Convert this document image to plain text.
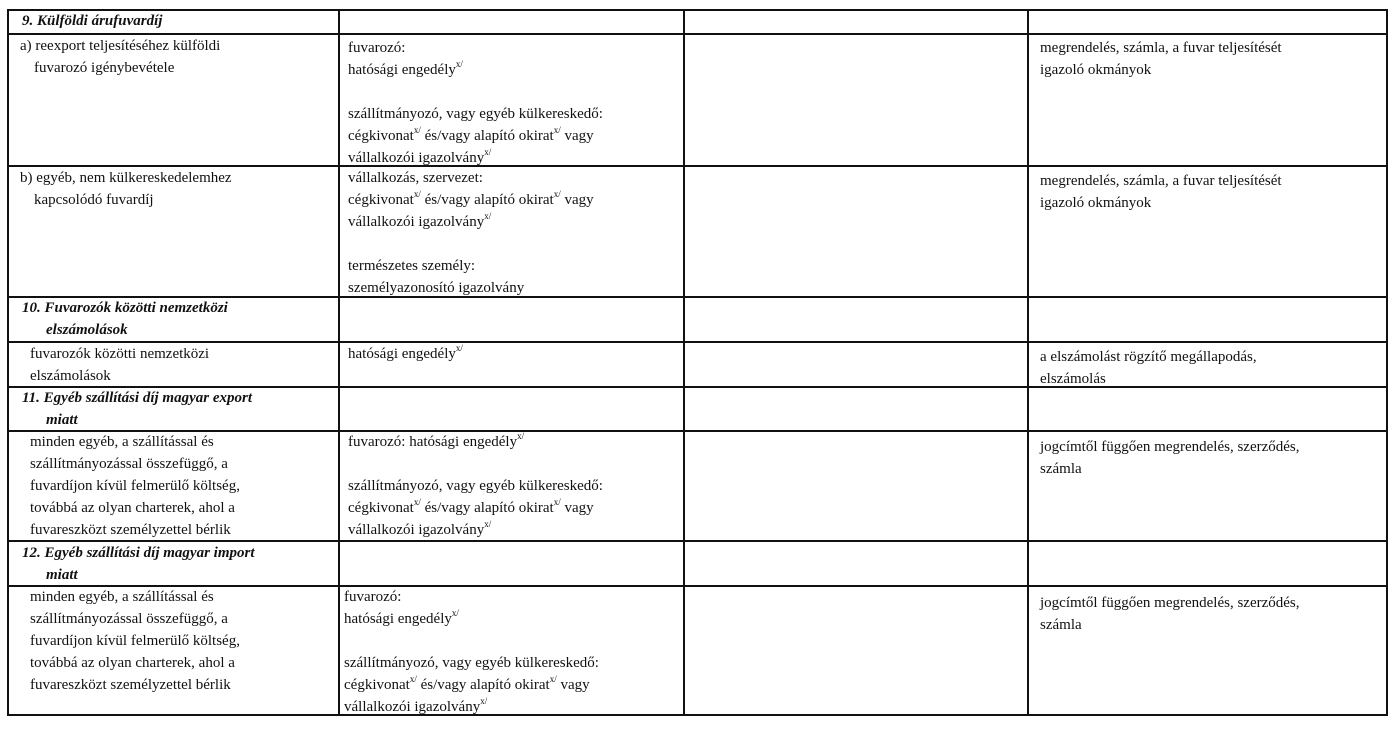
9. Külföldi árufuvardíj
a) reexport teljesítéséhez külföldi
fuvarozó igénybevétele
fuvarozó:
hatósági engedély$^{x/}$

szállítmányozó, vagy egyéb külkereskedő:
cégkivonat$^{x/}$ és/vagy alapító okirat$^{x/}$ vagy
vállalkozói igazolvány$^{x/}$
megrendelés, számla, a fuvar teljesítését
igazoló okmányok
b) egyéb, nem külkereskedelemhez
kapcsolódó fuvardíj
vállalkozás, szervezet:
cégkivonat$^{x/}$ és/vagy alapító okirat$^{x/}$ vagy
vállalkozói igazolvány$^{x/}$

természetes személy:
személyazonosító igazolvány
megrendelés, számla, a fuvar teljesítését
igazoló okmányok
10. Fuvarozók közötti nemzetközi
elszámolások
fuvarozók közötti nemzetközi
elszámolások
hatósági engedély$^{x/}$
a elszámolást rögzítő megállapodás,
elszámolás
11. Egyéb szállítási díj magyar export
miatt
minden egyéb, a szállítással és
szállítmányozással összefüggő, a
fuvardíjon kívül felmerülő költség,
továbbá az olyan charterek, ahol a
fuvareszközt személyzettel bérlik
fuvarozó: hatósági engedély$^{x/}$

szállítmányozó, vagy egyéb külkereskedő:
cégkivonat$^{x/}$ és/vagy alapító okirat$^{x/}$ vagy
vállalkozói igazolvány$^{x/}$
jogcímtől függően megrendelés, szerződés,
számla
12. Egyéb szállítási díj magyar import
miatt
minden egyéb, a szállítással és
szállítmányozással összefüggő, a
fuvardíjon kívül felmerülő költség,
továbbá az olyan charterek, ahol a
fuvareszközt személyzettel bérlik
fuvarozó:
hatósági engedély$^{x/}$

szállítmányozó, vagy egyéb külkereskedő:
cégkivonat$^{x/}$ és/vagy alapító okirat$^{x/}$ vagy
vállalkozói igazolvány$^{x/}$
jogcímtől függően megrendelés, szerződés,
számla
